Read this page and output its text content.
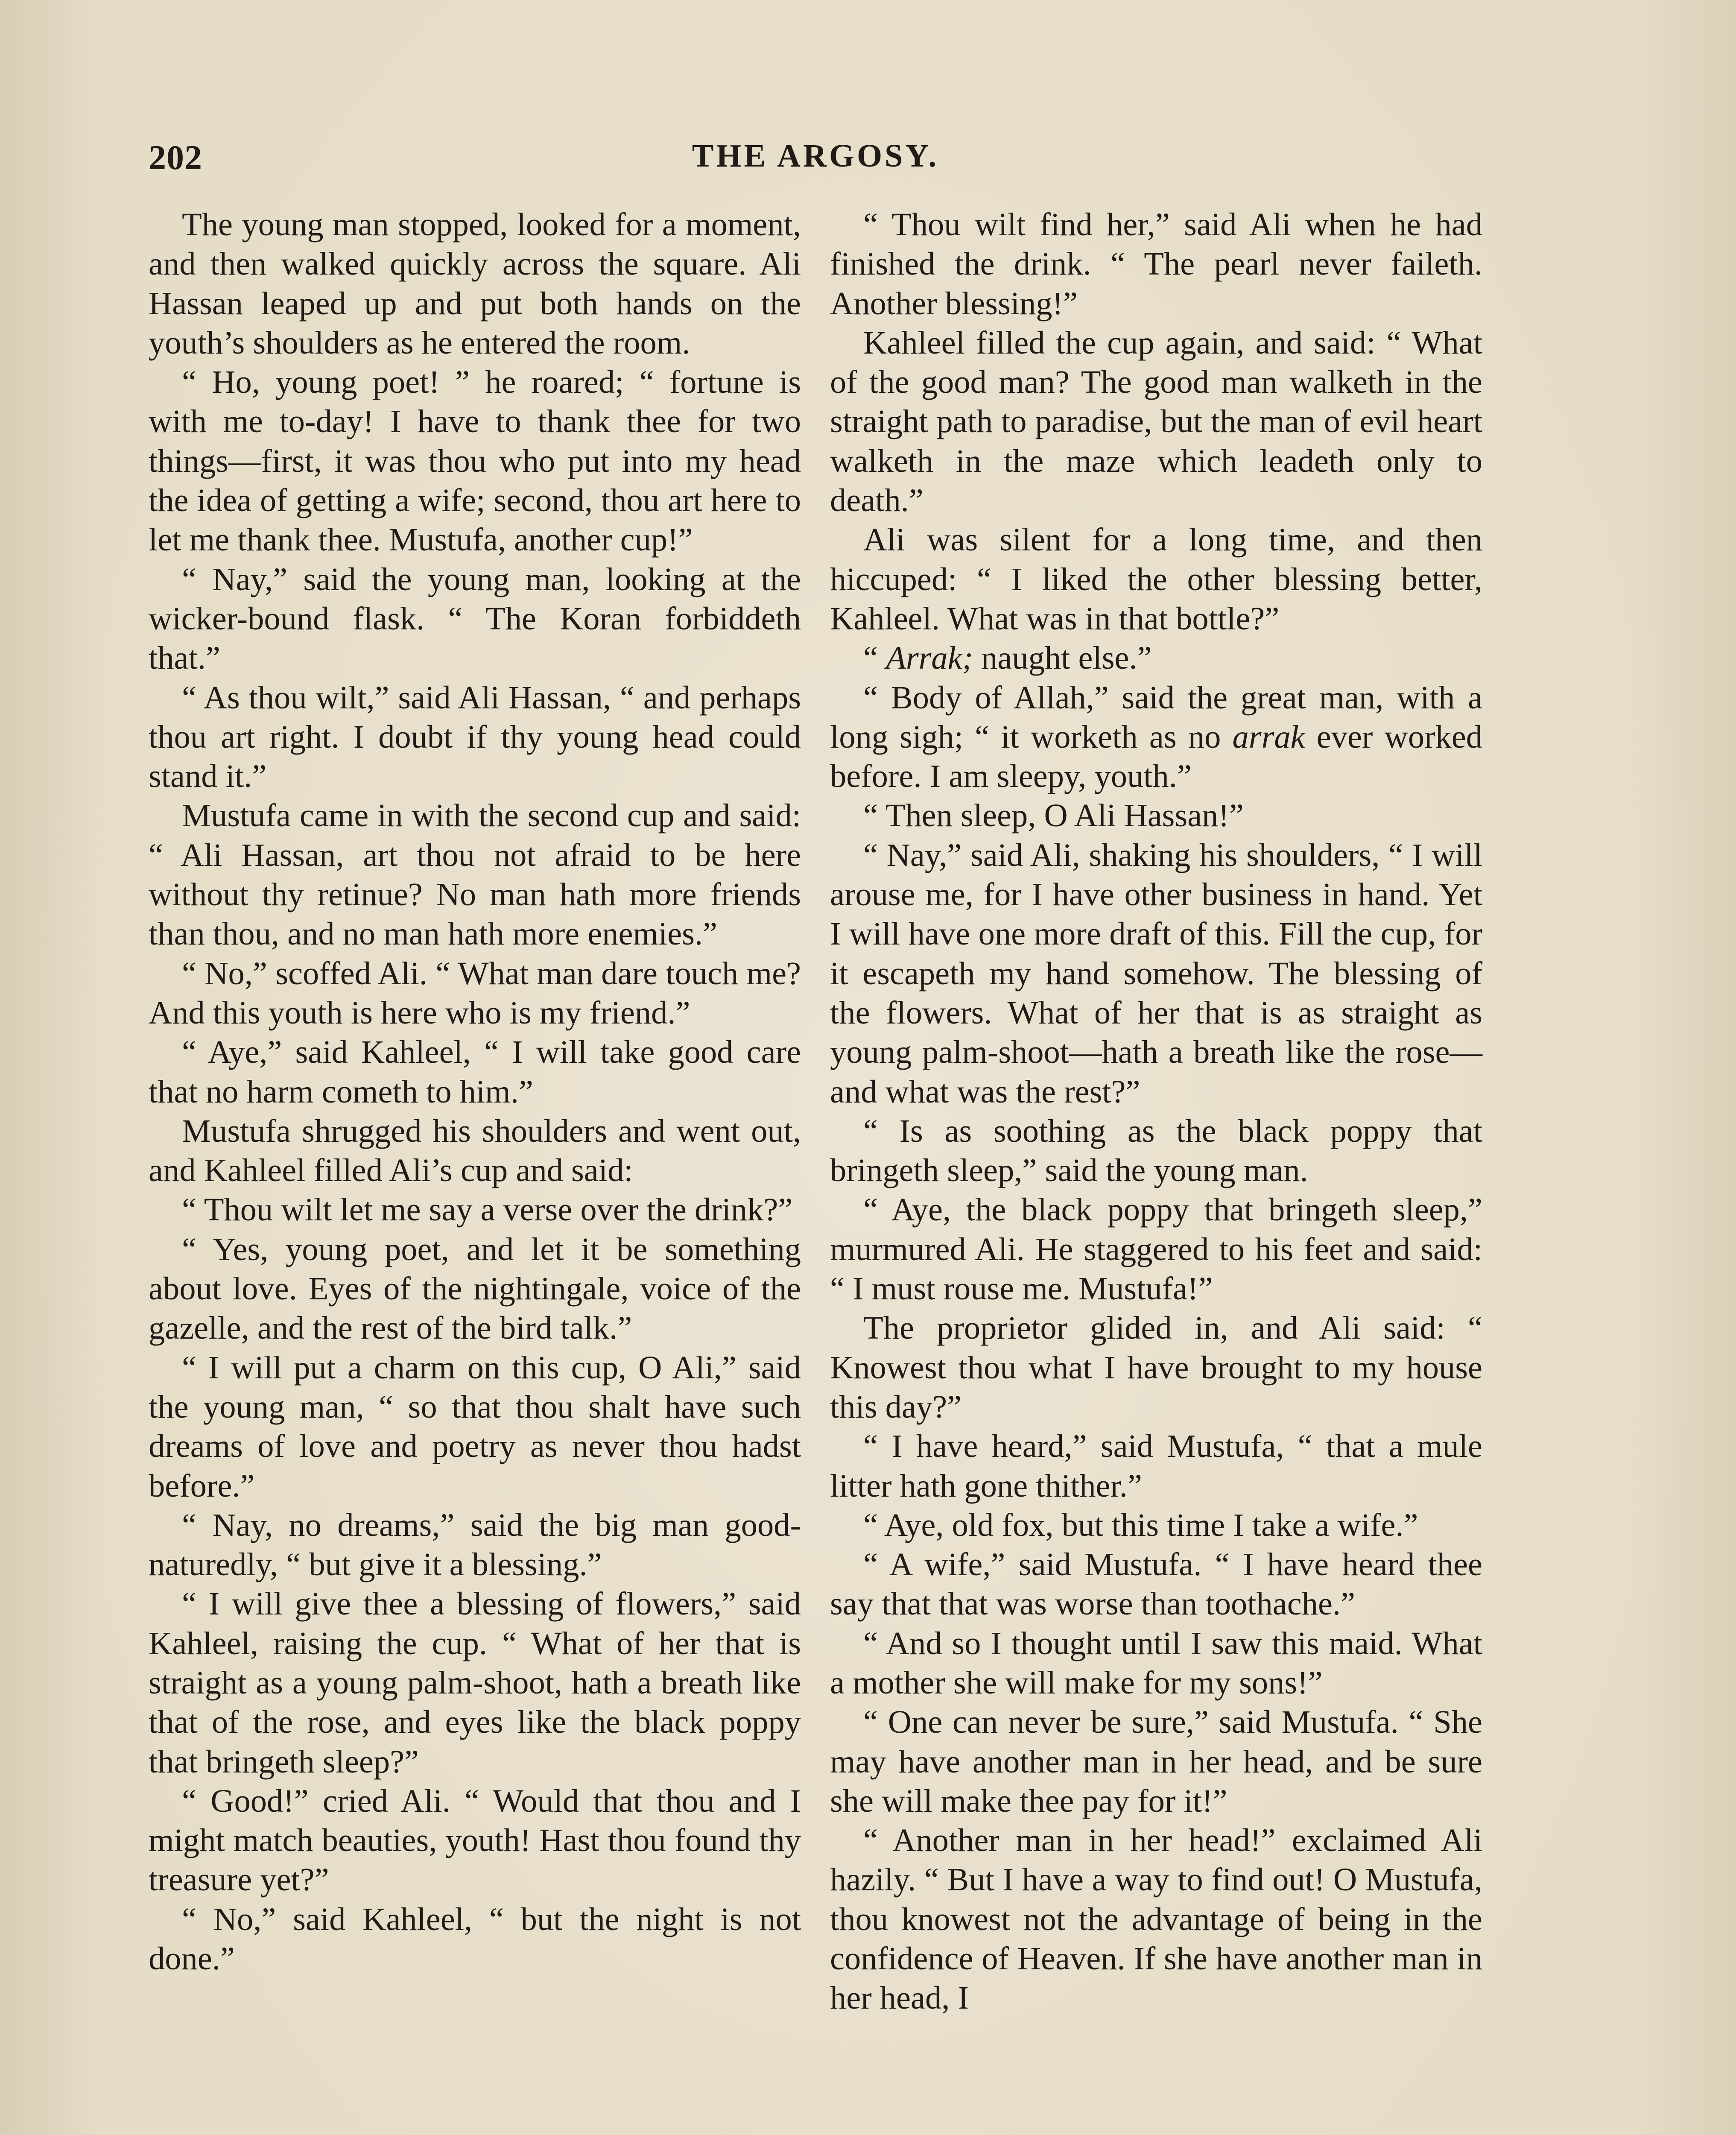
202	THE ARGOSY.

The young man stopped, looked for a moment, and then walked quickly across the square. Ali Hassan leaped up and put both hands on the youth’s shoulders as he entered the room.

“ Ho, young poet! ” he roared; “ fortune is with me to-day! I have to thank thee for two things—first, it was thou who put into my head the idea of getting a wife; second, thou art here to let me thank thee. Mustufa, another cup!”

“ Nay,” said the young man, looking at the wicker-bound flask. “ The Koran forbiddeth that.”

“ As thou wilt,” said Ali Hassan, “ and perhaps thou art right. I doubt if thy young head could stand it.”

Mustufa came in with the second cup and said: “ Ali Hassan, art thou not afraid to be here without thy retinue? No man hath more friends than thou, and no man hath more enemies.”

“ No,” scoffed Ali. “ What man dare touch me? And this youth is here who is my friend.”

“ Aye,” said Kahleel, “ I will take good care that no harm cometh to him.”

Mustufa shrugged his shoulders and went out, and Kahleel filled Ali’s cup and said:

“ Thou wilt let me say a verse over the drink?”

“ Yes, young poet, and let it be something about love. Eyes of the nightingale, voice of the gazelle, and the rest of the bird talk.”

“ I will put a charm on this cup, O Ali,” said the young man, “ so that thou shalt have such dreams of love and poetry as never thou hadst before.”

“ Nay, no dreams,” said the big man good-naturedly, “ but give it a blessing.”

“ I will give thee a blessing of flowers,” said Kahleel, raising the cup. “ What of her that is straight as a young palm-shoot, hath a breath like that of the rose, and eyes like the black poppy that bringeth sleep?”

“ Good!” cried Ali. “ Would that thou and I might match beauties, youth! Hast thou found thy treasure yet?”

“ No,” said Kahleel, “ but the night is not done.”

“ Thou wilt find her,” said Ali when he had finished the drink. “ The pearl never faileth. Another blessing!”

Kahleel filled the cup again, and said: “ What of the good man? The good man walketh in the straight path to paradise, but the man of evil heart walketh in the maze which leadeth only to death.”

Ali was silent for a long time, and then hiccuped: “ I liked the other blessing better, Kahleel. What was in that bottle?”

“ Arrak; naught else.”

“ Body of Allah,” said the great man, with a long sigh; “ it worketh as no arrak ever worked before. I am sleepy, youth.”

“ Then sleep, O Ali Hassan!”

“ Nay,” said Ali, shaking his shoulders, “ I will arouse me, for I have other business in hand. Yet I will have one more draft of this. Fill the cup, for it escapeth my hand somehow. The blessing of the flowers. What of her that is as straight as young palm-shoot—hath a breath like the rose—and what was the rest?”

“ Is as soothing as the black poppy that bringeth sleep,” said the young man.

“ Aye, the black poppy that bringeth sleep,” murmured Ali. He staggered to his feet and said: “ I must rouse me. Mustufa!”

The proprietor glided in, and Ali said: “ Knowest thou what I have brought to my house this day?”

“ I have heard,” said Mustufa, “ that a mule litter hath gone thither.”

“ Aye, old fox, but this time I take a wife.”

“ A wife,” said Mustufa. “ I have heard thee say that that was worse than toothache.”

“ And so I thought until I saw this maid. What a mother she will make for my sons!”

“ One can never be sure,” said Mustufa. “ She may have another man in her head, and be sure she will make thee pay for it!”

“ Another man in her head!” exclaimed Ali hazily. “ But I have a way to find out! O Mustufa, thou knowest not the advantage of being in the confidence of Heaven. If she have another man in her head, I
